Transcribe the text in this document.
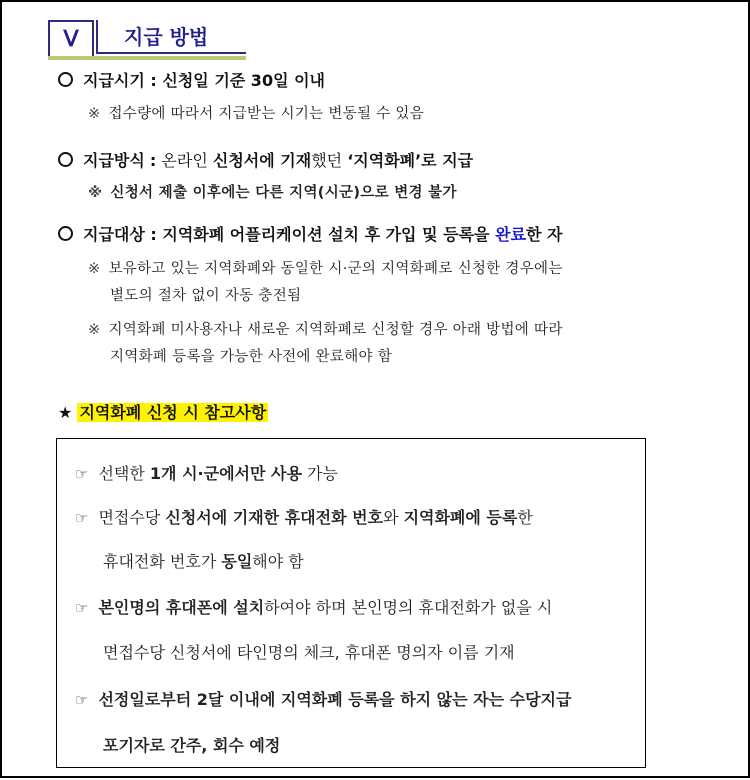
Ⅴ	지급 방법
지급시기 : 신청일 기준 30일 이내
※ 접수량에 따라서 지급받는 시기는 변동될 수 있음
지급방식 : 온라인 신청서에 기재했던 ‘지역화폐’로 지급
※ 신청서 제출 이후에는 다른 지역(시군)으로 변경 불가
지급대상 : 지역화폐 어플리케이션 설치 후 가입 및 등록을 완료한 자
※ 보유하고 있는 지역화폐와 동일한 시·군의 지역화폐로 신청한 경우에는
별도의 절차 없이 자동 충전됨
※ 지역화폐 미사용자나 새로운 지역화폐로 신청할 경우 아래 방법에 따라
지역화폐 등록을 가능한 사전에 완료해야 함
★ 지역화폐 신청 시 참고사항
☞ 선택한 1개 시·군에서만 사용 가능
☞ 면접수당 신청서에 기재한 휴대전화 번호와 지역화폐에 등록한
휴대전화 번호가 동일해야 함
☞ 본인명의 휴대폰에 설치하여야 하며 본인명의 휴대전화가 없을 시
면접수당 신청서에 타인명의 체크, 휴대폰 명의자 이름 기재
☞ 선정일로부터 2달 이내에 지역화폐 등록을 하지 않는 자는 수당지급
포기자로 간주, 회수 예정
